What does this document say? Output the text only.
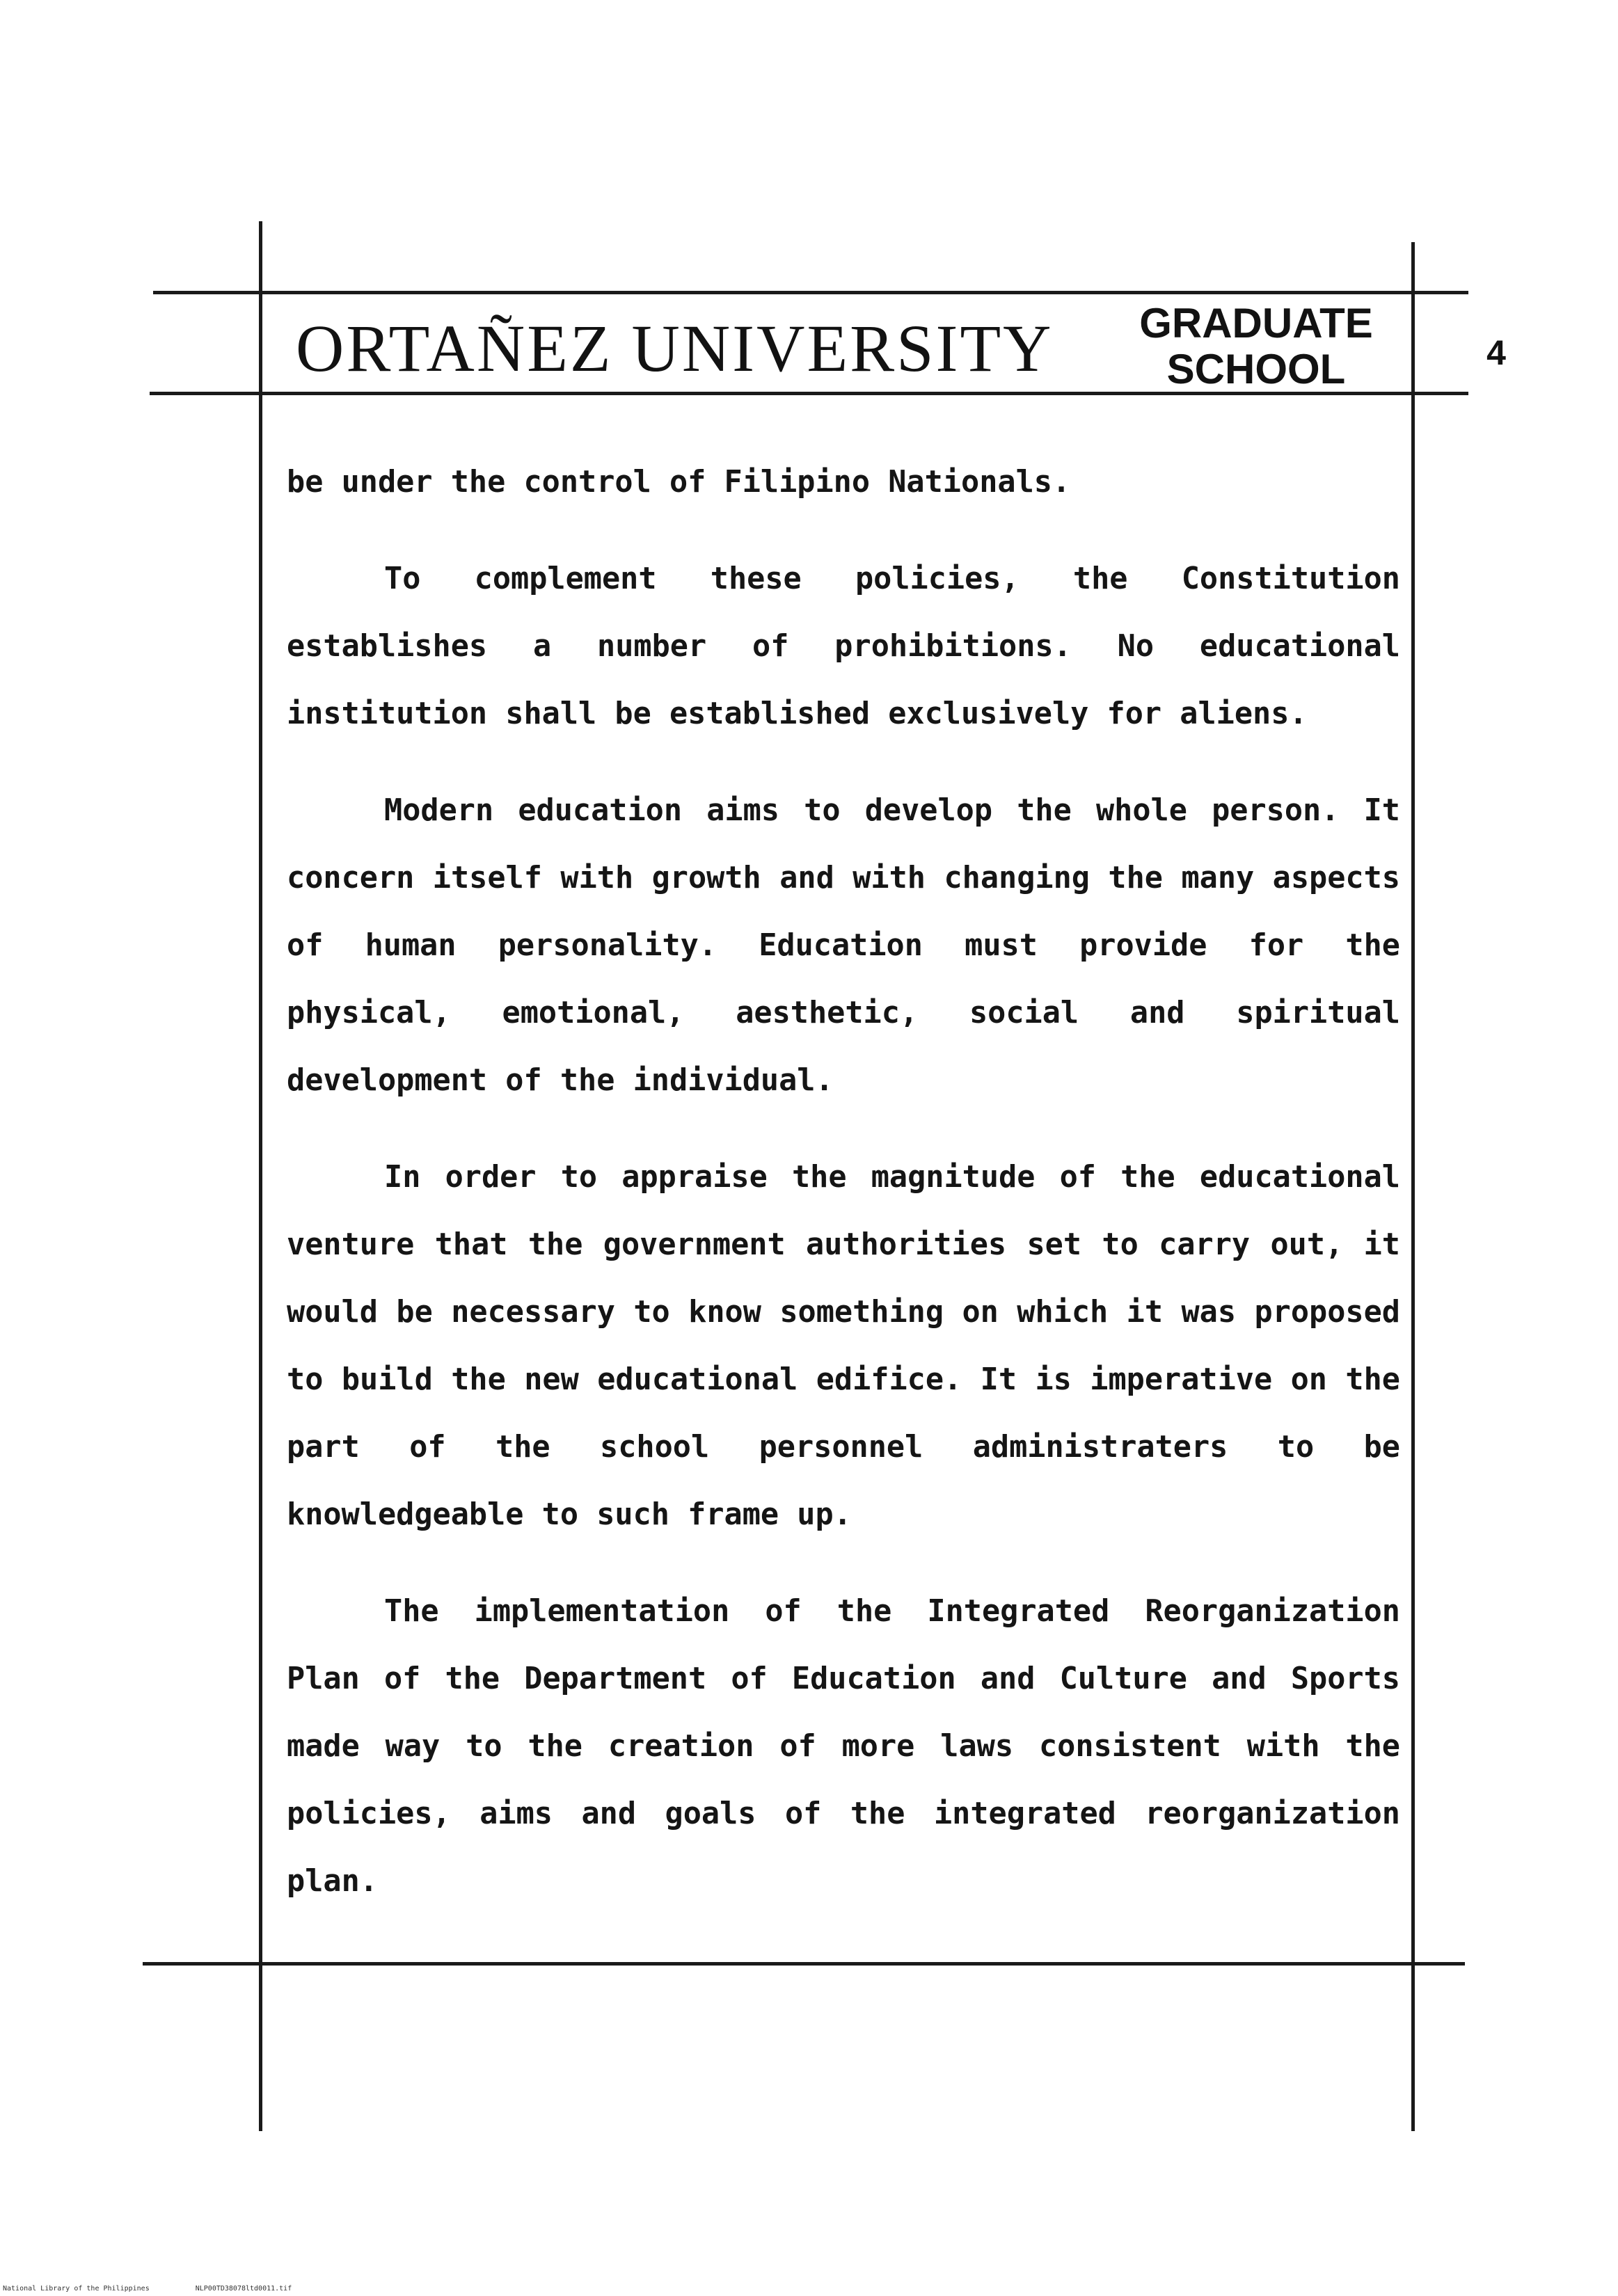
ORTAÑEZ UNIVERSITY GRADUATE
SCHOOL	4

be under the control of Filipino Nationals.

To complement these policies, the Constitution establishes a number of prohibitions. No educational institution shall be established exclusively for aliens.

Modern education aims to develop the whole person. It concern itself with growth and with changing the many aspects of human personality. Education must provide for the physical, emotional, aesthetic, social and spiritual development of the individual.

In order to appraise the magnitude of the educational venture that the government authorities set to carry out, it would be necessary to know something on which it was proposed to build the new educational edifice. It is imperative on the part of the school personnel administraters to be knowledgeable to such frame up.

The implementation of the Integrated Reorganization Plan of the Department of Education and Culture and Sports made way to the creation of more laws consistent with the policies, aims and goals of the integrated reorganization plan.

National Library of the Philippines	NLP00TD38078ltd0011.tif
